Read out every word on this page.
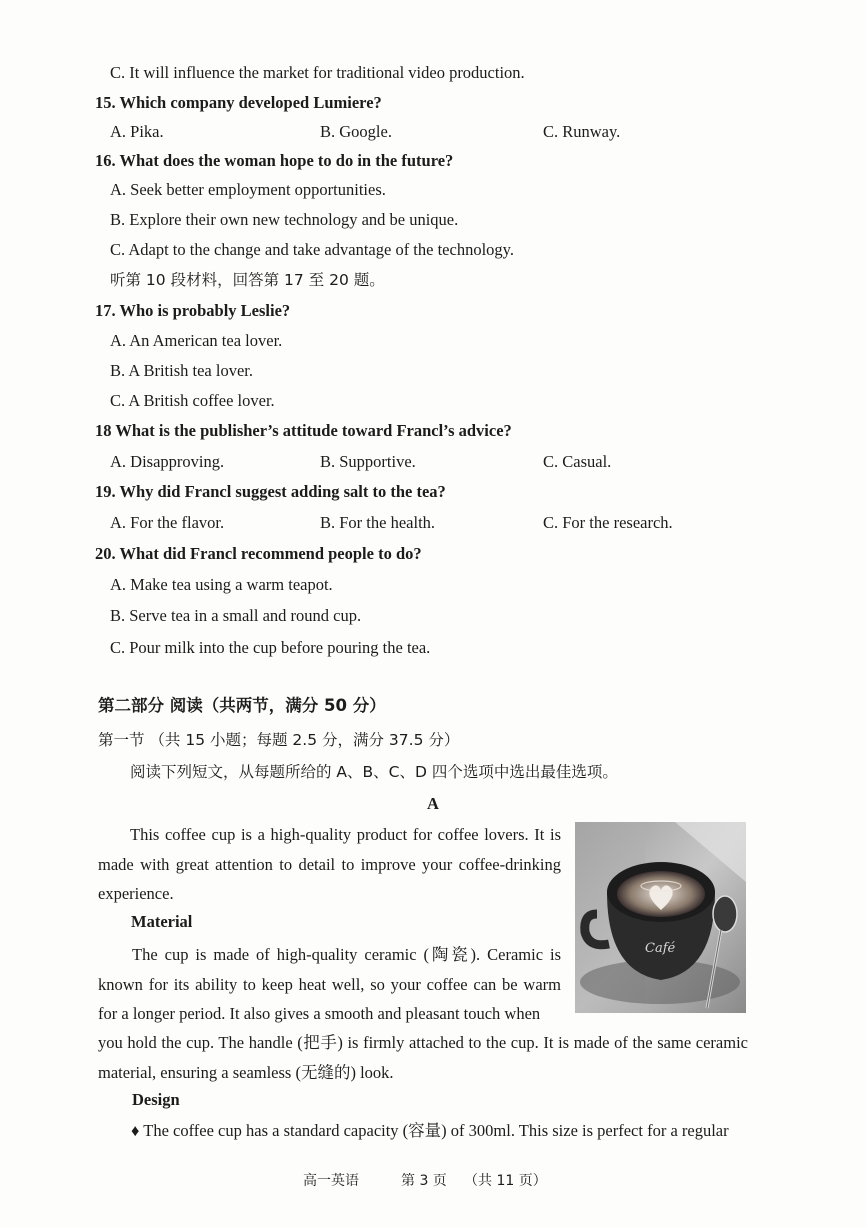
C. It will influence the market for traditional video production.
15. Which company developed Lumiere?
A. Pika.	B. Google.	C. Runway.
16. What does the woman hope to do in the future?
A. Seek better employment opportunities.
B. Explore their own new technology and be unique.
C. Adapt to the change and take advantage of the technology.
听第 10 段材料，回答第 17 至 20 题。
17. Who is probably Leslie?
A. An American tea lover.
B. A British tea lover.
C. A British coffee lover.
18 What is the publisher’s attitude toward Francl’s advice?
A. Disapproving.	B. Supportive.	C. Casual.
19. Why did Francl suggest adding salt to the tea?
A. For the flavor.	B. For the health.	C. For the research.
20. What did Francl recommend people to do?
A. Make tea using a warm teapot.
B. Serve tea in a small and round cup.
C. Pour milk into the cup before pouring the tea.
第二部分 阅读（共两节，满分 50 分）
第一节 （共 15 小题；每题 2.5 分，满分 37.5 分）
阅读下列短文，从每题所给的 A、B、C、D 四个选项中选出最佳选项。
A
This coffee cup is a high-quality product for coffee lovers. It is made with great attention to detail to improve your coffee-drinking experience.
Material
The cup is made of high-quality ceramic (陶瓷). Ceramic is known for its ability to keep heat well, so your coffee can be warm for a longer period. It also gives a smooth and pleasant touch when
you hold the cup. The handle (把手) is firmly attached to the cup. It is made of the same ceramic material, ensuring a seamless (无缝的) look.
Design
♦ The coffee cup has a standard capacity (容量) of 300ml. This size is perfect for a regular
Café
高一英语	第 3 页 （共 11 页）
